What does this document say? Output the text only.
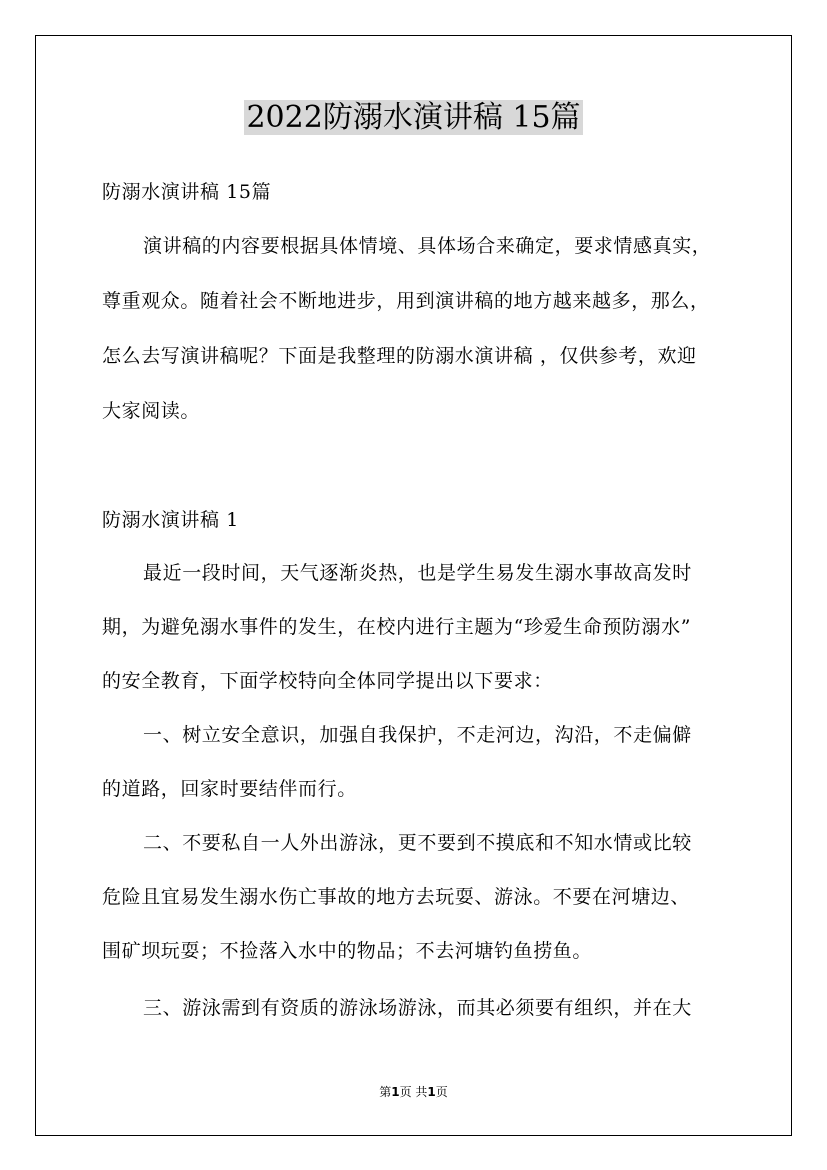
2022防溺水演讲稿 15篇
防溺水演讲稿 15篇
演讲稿的内容要根据具体情境、具体场合来确定，要求情感真实，
尊重观众。随着社会不断地进步，用到演讲稿的地方越来越多，那么，
怎么去写演讲稿呢？下面是我整理的防溺水演讲稿 ，仅供参考，欢迎
大家阅读。
防溺水演讲稿 1
最近一段时间，天气逐渐炎热，也是学生易发生溺水事故高发时
期，为避免溺水事件的发生，在校内进行主题为“珍爱生命预防溺水”
的安全教育，下面学校特向全体同学提出以下要求：
一、树立安全意识，加强自我保护，不走河边，沟沿，不走偏僻
的道路，回家时要结伴而行。
二、不要私自一人外出游泳，更不要到不摸底和不知水情或比较
危险且宜易发生溺水伤亡事故的地方去玩耍、游泳。不要在河塘边、
围矿坝玩耍；不捡落入水中的物品；不去河塘钓鱼捞鱼。
三、游泳需到有资质的游泳场游泳，而其必须要有组织，并在大
第1页 共1页
